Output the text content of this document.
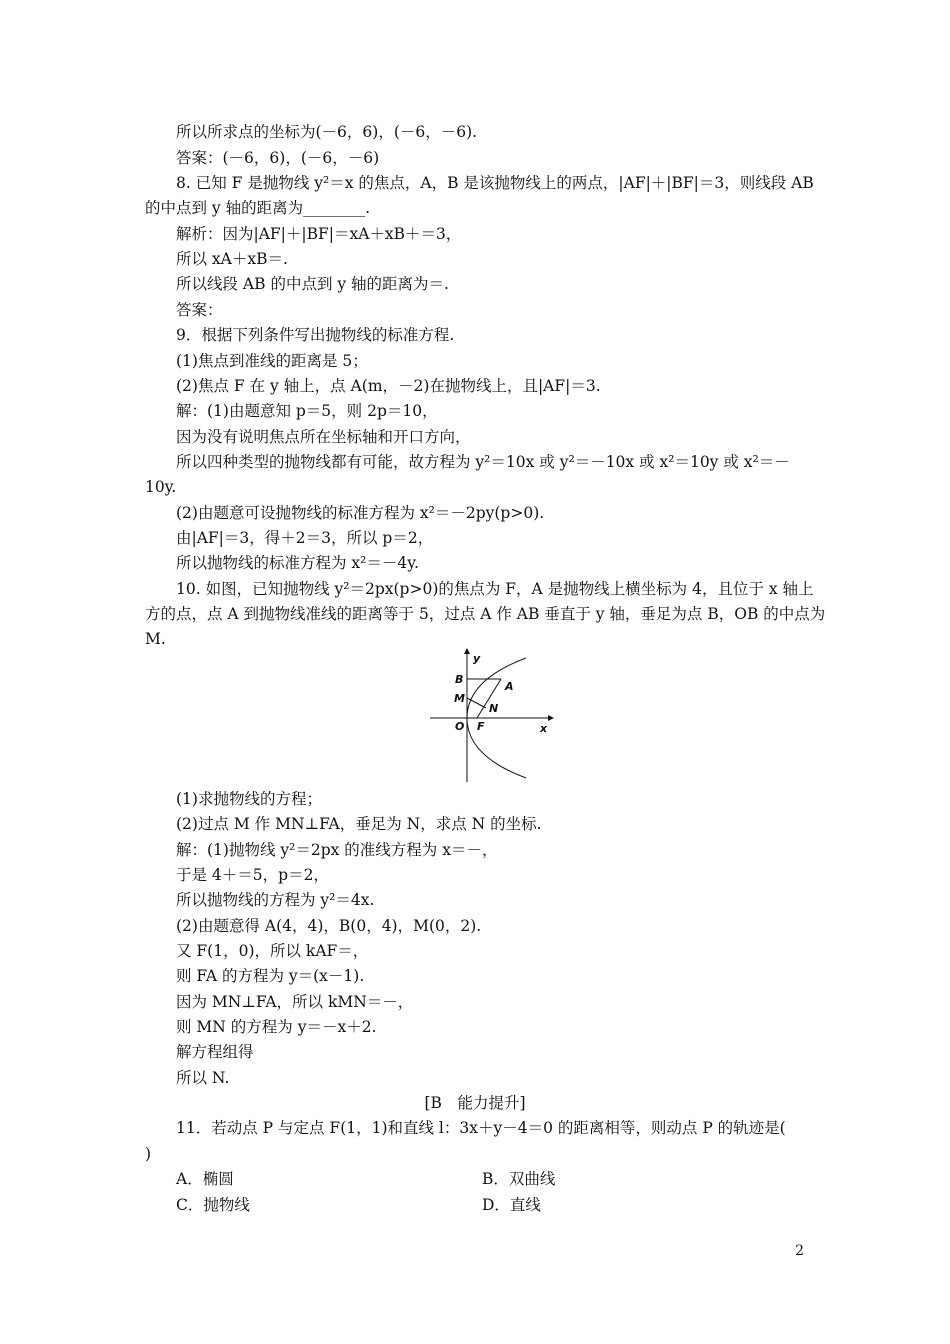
所以所求点的坐标为(－6，6)，(－6，－6).
答案：(－6，6)，(－6，－6)
8. 已知 F 是抛物线 y²＝x 的焦点，A，B 是该抛物线上的两点，|AF|＋|BF|＝3，则线段 AB
的中点到 y 轴的距离为________.
解析：因为|AF|＋|BF|＝xA＋xB＋＝3，
所以 xA＋xB＝.
所以线段 AB 的中点到 y 轴的距离为＝.
答案：
9．根据下列条件写出抛物线的标准方程.
(1)焦点到准线的距离是 5；
(2)焦点 F 在 y 轴上，点 A(m，－2)在抛物线上，且|AF|＝3.
解：(1)由题意知 p＝5，则 2p＝10，
因为没有说明焦点所在坐标轴和开口方向，
所以四种类型的抛物线都有可能，故方程为 y²＝10x 或 y²＝－10x 或 x²＝10y 或 x²＝－
10y.
(2)由题意可设抛物线的标准方程为 x²＝－2py(p>0).
由|AF|＝3，得＋2＝3，所以 p＝2，
所以抛物线的标准方程为 x²＝－4y.
10. 如图，已知抛物线 y²＝2px(p>0)的焦点为 F，A 是抛物线上横坐标为 4，且位于 x 轴上
方的点，点 A 到抛物线准线的距离等于 5，过点 A 作 AB 垂直于 y 轴，垂足为点 B，OB 的中点为
M.
y
B
A
M
N
O F	x
(1)求抛物线的方程；
(2)过点 M 作 MN⊥FA，垂足为 N，求点 N 的坐标.
解：(1)抛物线 y²＝2px 的准线方程为 x＝－，
于是 4＋＝5，p＝2，
所以抛物线的方程为 y²＝4x.
(2)由题意得 A(4，4)，B(0，4)，M(0，2).
又 F(1，0)，所以 kAF＝，
则 FA 的方程为 y＝(x－1).
因为 MN⊥FA，所以 kMN＝－，
则 MN 的方程为 y＝－x＋2.
解方程组得
所以 N.
[B　能力提升]
11．若动点 P 与定点 F(1，1)和直线 l：3x＋y－4＝0 的距离相等，则动点 P 的轨迹是(
)
A．椭圆	B．双曲线
C．抛物线	D．直线
2
